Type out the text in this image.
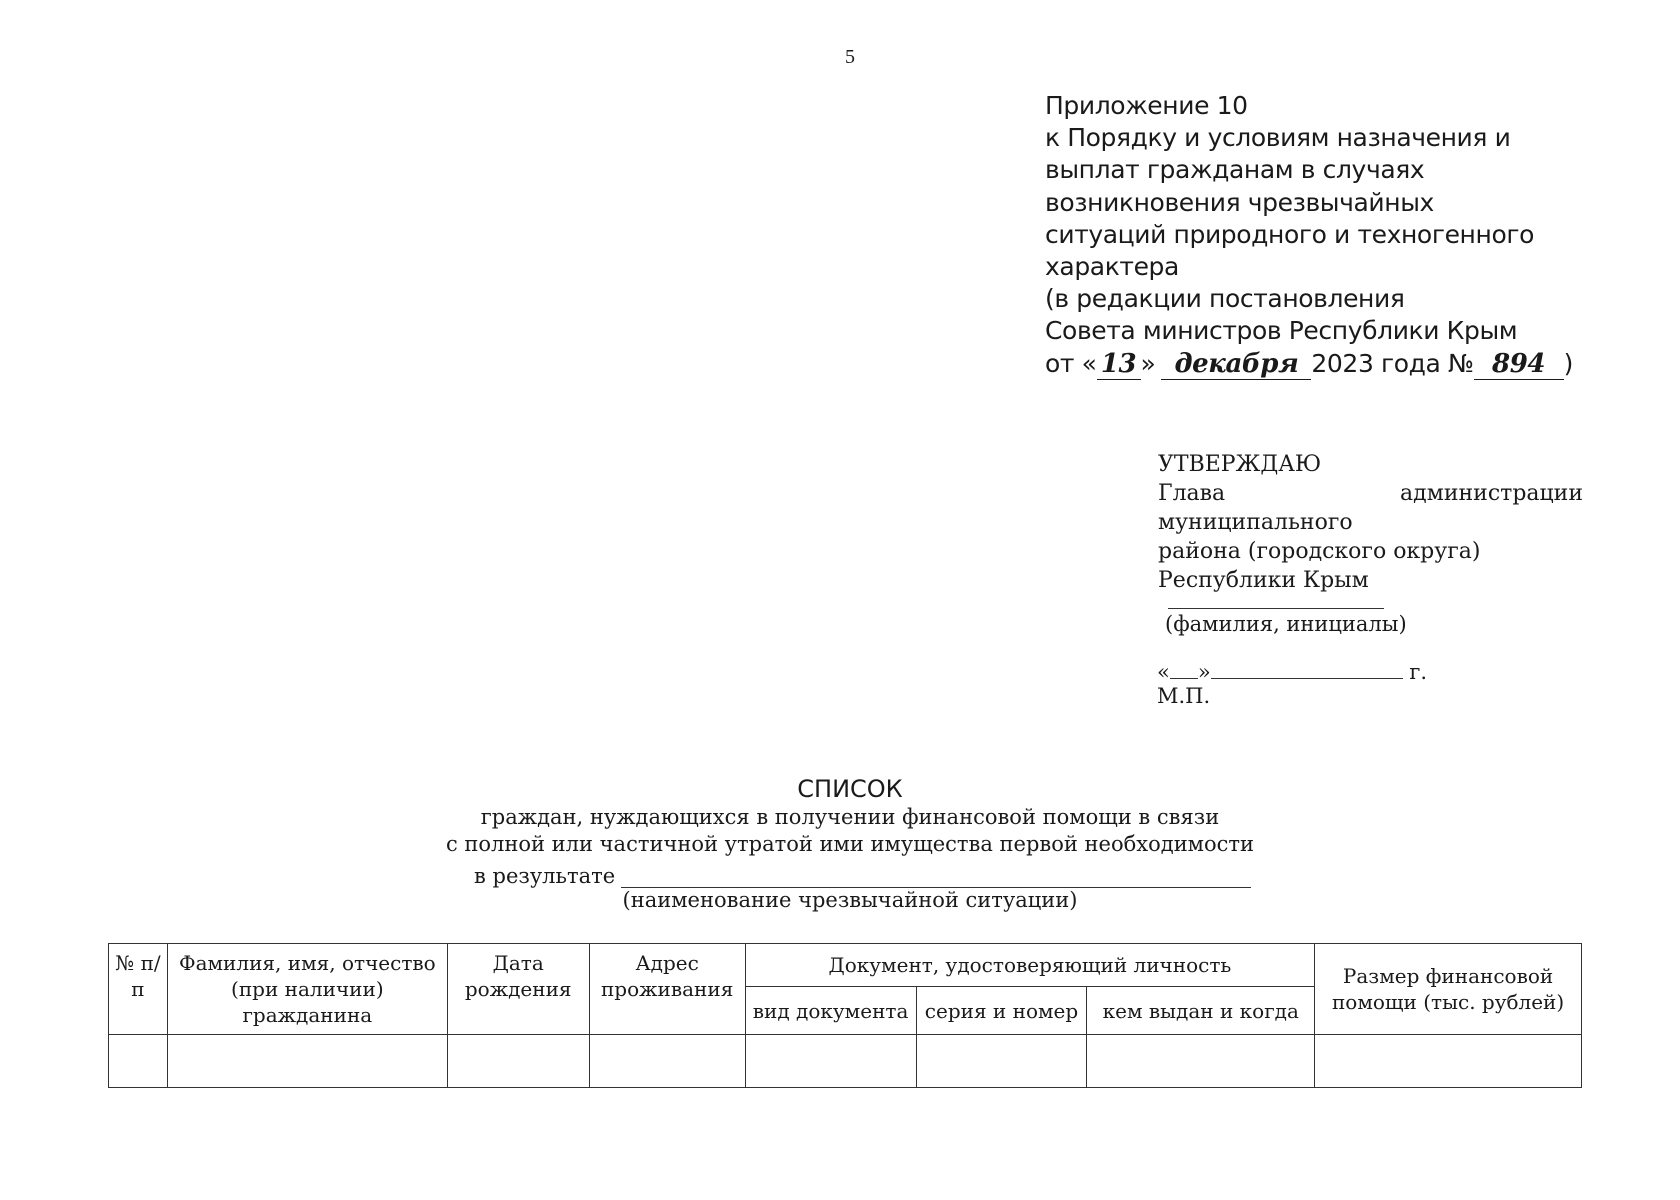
5
Приложение 10
к Порядку и условиям назначения и
выплат гражданам в случаях
возникновения чрезвычайных
ситуаций природного и техногенного
характера
(в редакции постановления
Совета министров Республики Крым
от « 13 » декабря 2023 года № 894 )
УТВЕРЖДАЮ
Глава администрации муниципального
района (городского округа)
Республики Крым
(фамилия, инициалы)
« »	г.
М.П.
СПИСОК
граждан, нуждающихся в получении финансовой помощи в связи
с полной или частичной утратой ими имущества первой необходимости
в результате
(наименование чрезвычайной ситуации)
№ п/п	Фамилия, имя, отчество (при наличии) гражданина	Дата рождения	Адрес проживания	Документ, удостоверяющий личность			Размер финансовой помощи (тыс. рублей)
				вид документа	серия и номер	кем выдан и когда	
